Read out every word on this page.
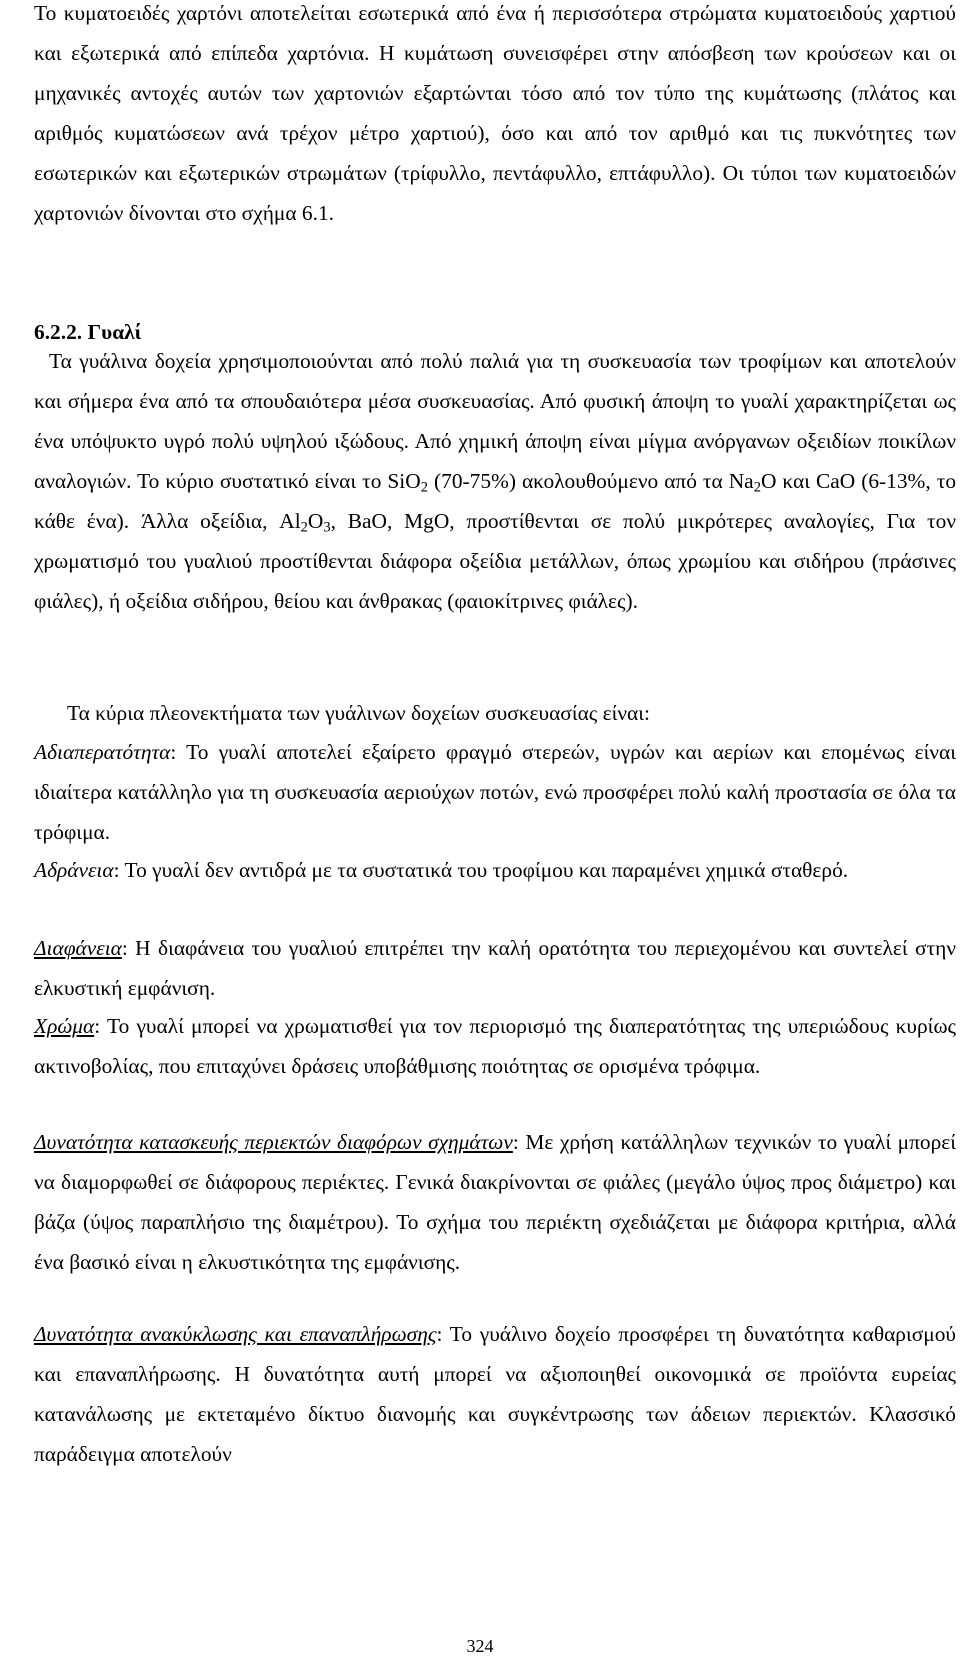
Το κυματοειδές χαρτόνι αποτελείται εσωτερικά από ένα ή περισσότερα στρώματα κυματοειδούς χαρτιού και εξωτερικά από επίπεδα χαρτόνια. Η κυμάτωση συνεισφέρει στην απόσβεση των κρούσεων και οι μηχανικές αντοχές αυτών των χαρτονιών εξαρτώνται τόσο από τον τύπο της κυμάτωσης (πλάτος και αριθμός κυματώσεων ανά τρέχον μέτρο χαρτιού), όσο και από τον αριθμό και τις πυκνότητες των εσωτερικών και εξωτερικών στρωμάτων (τρίφυλλο, πεντάφυλλο, επτάφυλλο). Οι τύποι των κυματοειδών χαρτονιών δίνονται στο σχήμα 6.1.

6.2.2. Γυαλί

Τα γυάλινα δοχεία χρησιμοποιούνται από πολύ παλιά για τη συσκευασία των τροφίμων και αποτελούν και σήμερα ένα από τα σπουδαιότερα μέσα συσκευασίας. Από φυσική άποψη το γυαλί χαρακτηρίζεται ως ένα υπόψυκτο υγρό πολύ υψηλού ιξώδους. Από χημική άποψη είναι μίγμα ανόργανων οξειδίων ποικίλων αναλογιών. Το κύριο συστατικό είναι το SiO$_2$ (70-75%) ακολουθούμενο από τα $Na_2O$ και CaO (6-13%, το κάθε ένα). Άλλα οξείδια, $Al_2O_3$, BaO, MgO, προστίθενται σε πολύ μικρότερες αναλογίες, Για τον χρωματισμό του γυαλιού προστίθενται διάφορα οξείδια μετάλλων, όπως χρωμίου και σιδήρου (πράσινες φιάλες), ή οξείδια σιδήρου, θείου και άνθρακας (φαιοκίτρινες φιάλες).

Τα κύρια πλεονεκτήματα των γυάλινων δοχείων συσκευασίας είναι:

Αδιαπερατότητα: Το γυαλί αποτελεί εξαίρετο φραγμό στερεών, υγρών και αερίων και επομένως είναι ιδιαίτερα κατάλληλο για τη συσκευασία αεριούχων ποτών, ενώ προσφέρει πολύ καλή προστασία σε όλα τα τρόφιμα.

Αδράνεια: Το γυαλί δεν αντιδρά με τα συστατικά του τροφίμου και παραμένει χημικά σταθερό.

Διαφάνεια: Η διαφάνεια του γυαλιού επιτρέπει την καλή ορατότητα του περιεχομένου και συντελεί στην ελκυστική εμφάνιση.

Χρώμα: Το γυαλί μπορεί να χρωματισθεί για τον περιορισμό της διαπερατότητας της υπεριώδους κυρίως ακτινοβολίας, που επιταχύνει δράσεις υποβάθμισης ποιότητας σε ορισμένα τρόφιμα.

Δυνατότητα κατασκευής περιεκτών διαφόρων σχημάτων: Με χρήση κατάλληλων τεχνικών το γυαλί μπορεί να διαμορφωθεί σε διάφορους περιέκτες. Γενικά διακρίνονται σε φιάλες (μεγάλο ύψος προς διάμετρο) και βάζα (ύψος παραπλήσιο της διαμέτρου). Το σχήμα του περιέκτη σχεδιάζεται με διάφορα κριτήρια, αλλά ένα βασικό είναι η ελκυστικότητα της εμφάνισης.

Δυνατότητα ανακύκλωσης και επαναπλήρωσης: Το γυάλινο δοχείο προσφέρει τη δυνατότητα καθαρισμού και επαναπλήρωσης. Η δυνατότητα αυτή μπορεί να αξιοποιηθεί οικονομικά σε προϊόντα ευρείας κατανάλωσης με εκτεταμένο δίκτυο διανομής και συγκέντρωσης των άδειων περιεκτών. Κλασσικό παράδειγμα αποτελούν

324
